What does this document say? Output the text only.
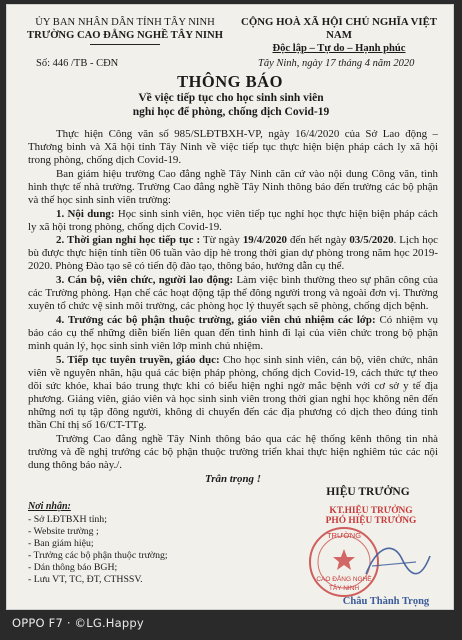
ỦY BAN NHÂN DÂN TỈNH TÂY NINH
TRƯỜNG CAO ĐẲNG NGHỀ TÂY NINH
CỘNG HOÀ XÃ HỘI CHỦ NGHĨA VIỆT NAM
Độc lập – Tự do – Hạnh phúc
Số: 446 /TB - CĐN	Tây Ninh, ngày 17 tháng 4 năm 2020
THÔNG BÁO
Về việc tiếp tục cho học sinh sinh viên
nghỉ học để phòng, chống dịch Covid-19

Thực hiện Công văn số 985/SLĐTBXH-VP, ngày 16/4/2020 của Sở Lao động – Thương binh và Xã hội tỉnh Tây Ninh về việc tiếp tục thực hiện biện pháp cách ly xã hội trong phòng, chống dịch Covid-19.

Ban giám hiệu trường Cao đẳng nghề Tây Ninh căn cứ vào nội dung Công văn, tình hình thực tế nhà trường. Trường Cao đẳng nghề Tây Ninh thông báo đến trường các bộ phận và thể học sinh sinh viên trường:

1. Nội dung: Học sinh sinh viên, học viên tiếp tục nghỉ học thực hiện biện pháp cách ly xã hội trong phòng, chống dịch Covid-19.

2. Thời gian nghỉ học tiếp tục : Từ ngày 19/4/2020 đến hết ngày 03/5/2020. Lịch học bù được thực hiện tính tiền 06 tuần vào dịp hè trong thời gian dự phòng trong năm học 2019-2020. Phòng Đào tạo sẽ có tiến độ đào tạo, thông báo, hướng dẫn cụ thể.

3. Cán bộ, viên chức, người lao động: Làm việc bình thường theo sự phân công của các Trường phòng. Hạn chế các hoạt động tập thể đông người trong và ngoài đơn vị. Thường xuyên tổ chức vệ sinh môi trường, các phòng học lý thuyết sạch sẽ phòng, chống dịch bệnh.

4. Trưởng các bộ phận thuộc trường, giáo viên chủ nhiệm các lớp: Có nhiệm vụ báo cáo cụ thể những diễn biến liên quan đến tình hình đi lại của viên chức trong bộ phận mình quản lý, học sinh sinh viên lớp mình chủ nhiệm.

5. Tiếp tục tuyên truyền, giáo dục: Cho học sinh sinh viên, cán bộ, viên chức, nhân viên về nguyên nhân, hậu quả các biện pháp phòng, chống dịch Covid-19, cách thức tự theo dõi sức khỏe, khai báo trung thực khi có biểu hiện nghi ngờ mắc bệnh với cơ sở y tế địa phương. Giảng viên, giáo viên và học sinh sinh viên trong thời gian nghỉ học không nên đến những nơi tụ tập đông người, không di chuyển đến các địa phương có dịch theo đúng tinh thần Chỉ thị số 16/CT-TTg.

Trường Cao đẳng nghề Tây Ninh thông báo qua các hệ thống kênh thông tin nhà trường và đề nghị trưởng các bộ phận thuộc trường triển khai thực hiện nghiêm túc các nội dung thông báo này./.

Trân trọng !

Nơi nhận:
- Sở LĐTBXH tỉnh;
- Website trường ;
- Ban giám hiệu;
- Trưởng các bộ phận thuộc trường;
- Dán thông báo BGH;
- Lưu VT, TC, ĐT, CTHSSV.
HIỆU TRƯỞNG
KT.HIỆU TRƯỞNG
PHÓ HIỆU TRƯỞNG
TRƯỜNG
CAO ĐẲNG NGHỀ
TÂY NINH
Châu Thành Trọng
OPPO F7 · ©LG.Happy
